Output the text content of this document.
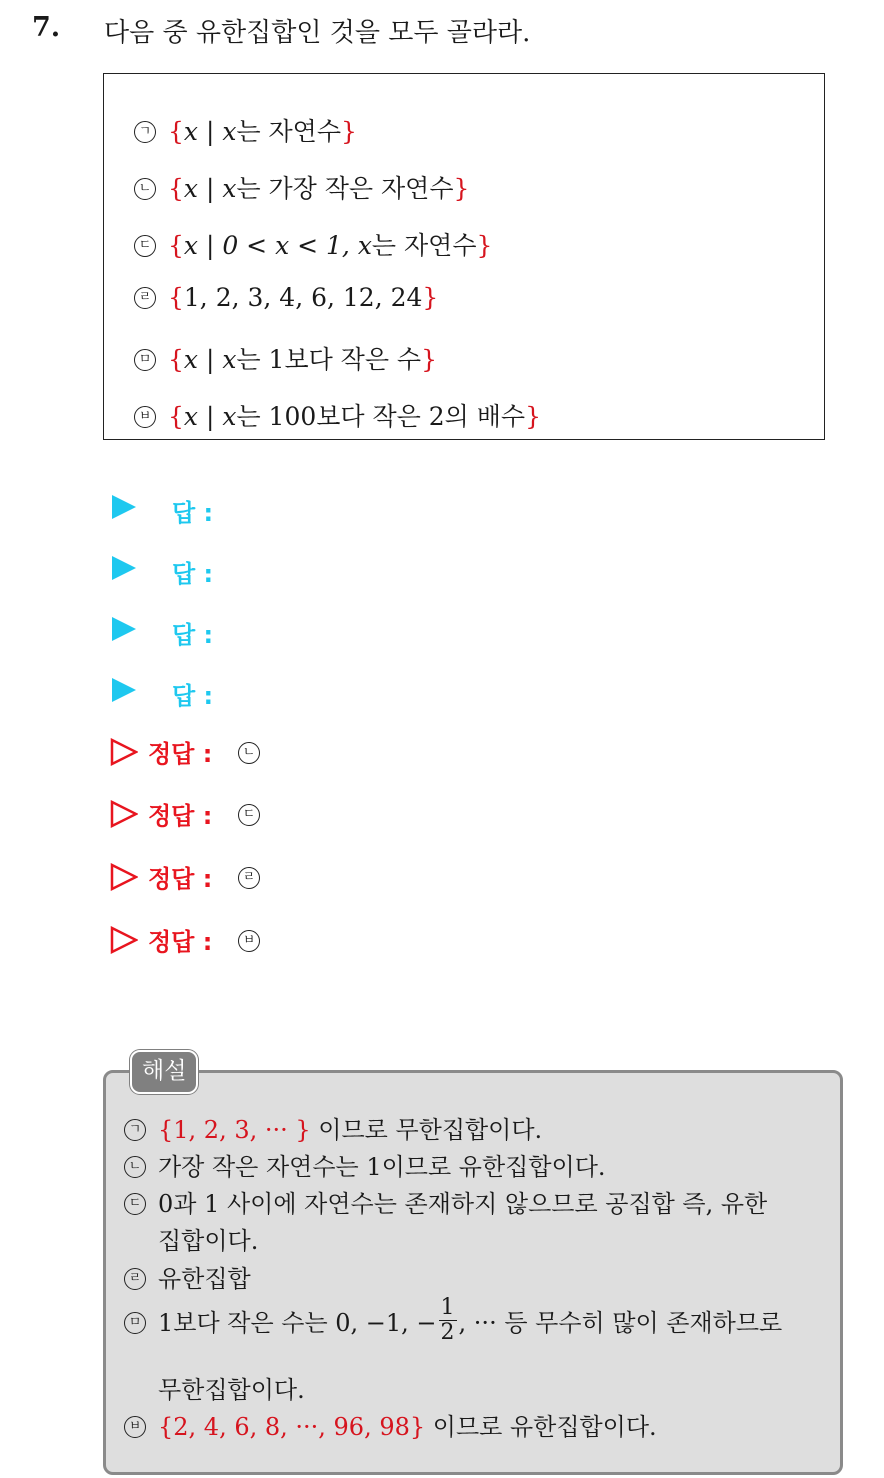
7. 다음 중 유한집합인 것을 모두 골라라.
ㄱ {x | x는 자연수}
ㄴ {x | x는 가장 작은 자연수}
ㄷ {x | 0 < x < 1, x는 자연수}
ㄹ {1, 2, 3, 4, 6, 12, 24}
ㅁ {x | x는 1보다 작은 수}
ㅂ {x | x는 100보다 작은 2의 배수}
답 :
답 :
답 :
답 :
정답 :	ㄴ
정답 :	ㄷ
정답 :	ㄹ
정답 :	ㅂ
해설
ㄱ {1, 2, 3, ··· } 이므로 무한집합이다.
ㄴ 가장 작은 자연수는 1이므로 유한집합이다.
ㄷ 0과 1 사이에 자연수는 존재하지 않으므로 공집합 즉, 유한
집합이다.
ㄹ 유한집합
ㅁ 1보다 작은 수는 0, −1, − $\frac{1}{2}$ , ··· 등 무수히 많이 존재하므로
무한집합이다.
ㅂ {2, 4, 6, 8, ···, 96, 98} 이므로 유한집합이다.
